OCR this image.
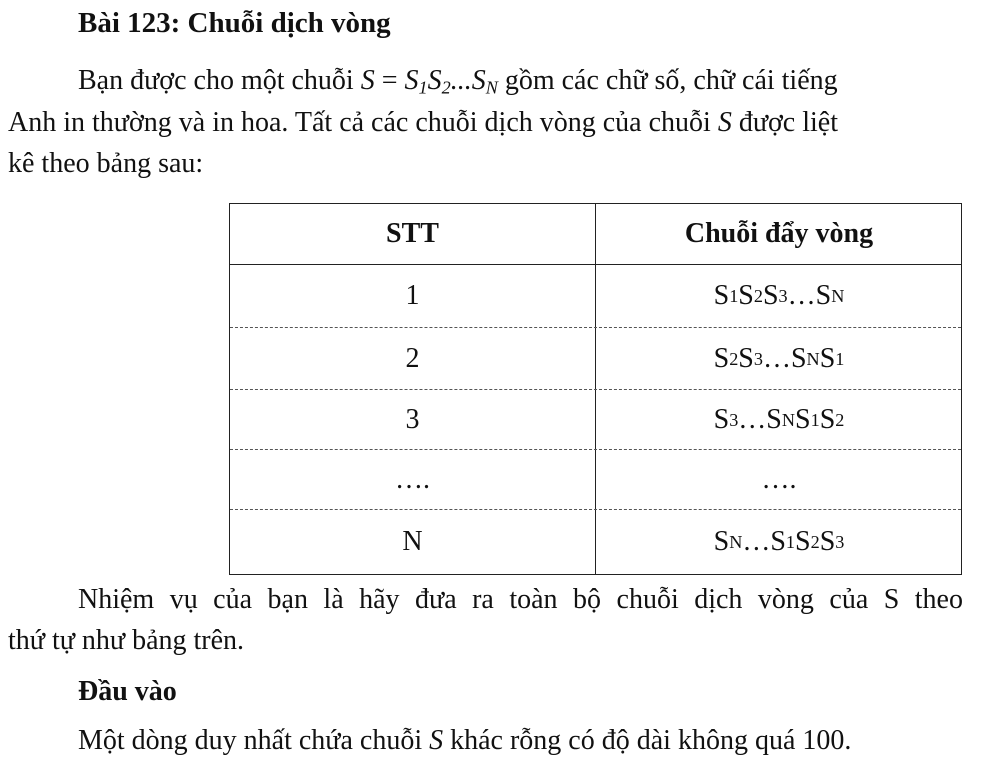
Bài 123: Chuỗi dịch vòng

Bạn được cho một chuỗi $S = S_1S_2...S_N$ gồm các chữ số, chữ cái tiếng

Anh in thường và in hoa. Tất cả các chuỗi dịch vòng của chuỗi S được liệt

kê theo bảng sau:

STT	Chuỗi đẩy vòng
1	S 1 S 2 S 3 …S N
2	S 2 S 3 …S N S 1
3	S 3 …S N S 1 S 2
….	….
N	S N …S 1 S 2 S 3

Nhiệm vụ của bạn là hãy đưa ra toàn bộ chuỗi dịch vòng của S theo

thứ tự như bảng trên.

Đầu vào

Một dòng duy nhất chứa chuỗi S khác rỗng có độ dài không quá 100.
